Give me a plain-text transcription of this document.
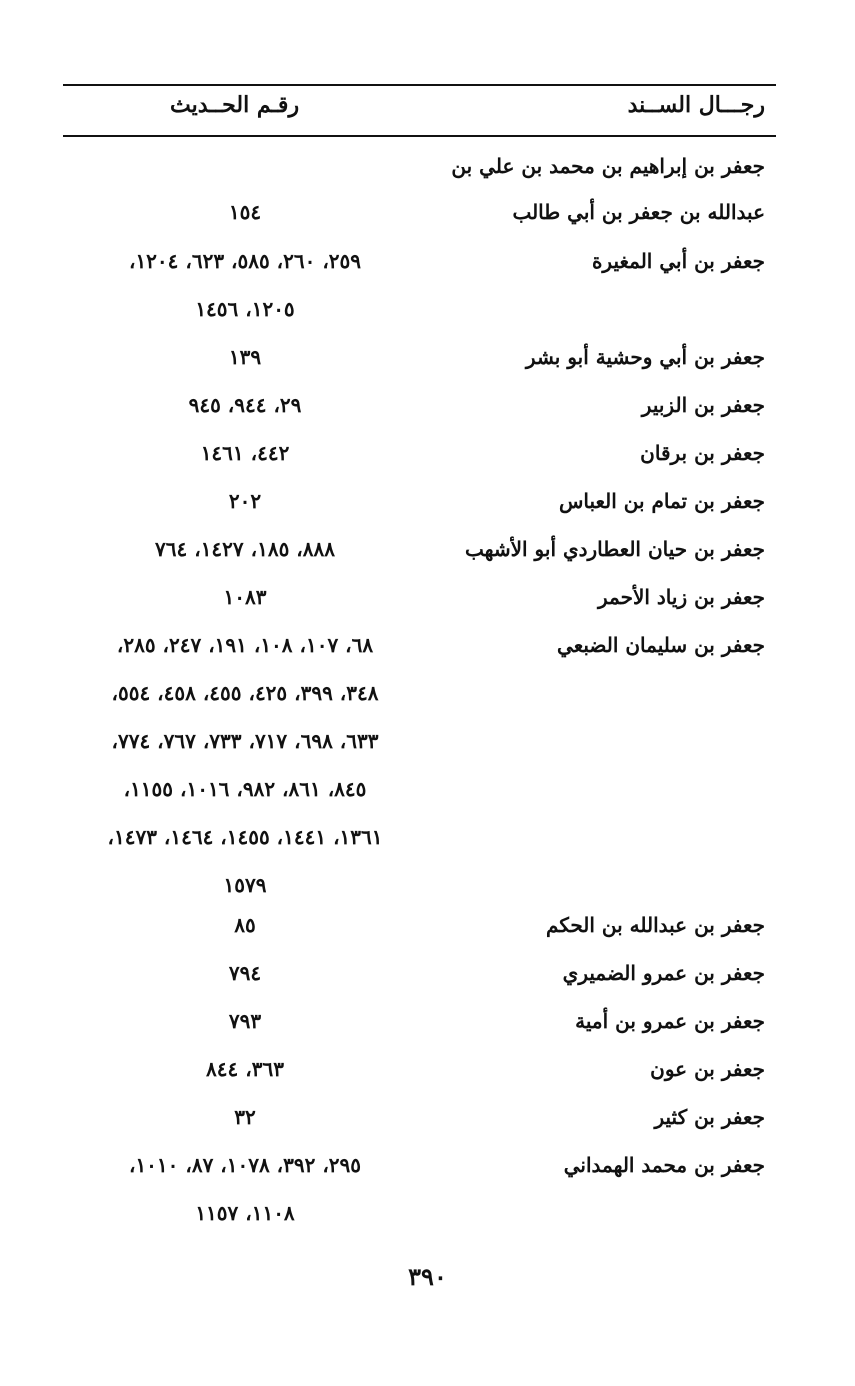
رجـــال الســند
رقـم الحــديث
جعفر بن إبراهيم بن محمد بن علي بن
عبدالله بن جعفر بن أبي طالب
١٥٤
جعفر بن أبي المغيرة
٢٥٩، ٢٦٠، ٥٨٥، ٦٢٣، ١٢٠٤،
١٢٠٥، ١٤٥٦
جعفر بن أبي وحشية أبو بشر
١٣٩
جعفر بن الزبير
٢٩، ٩٤٤، ٩٤٥
جعفر بن برقان
٤٤٢، ١٤٦١
جعفر بن تمام بن العباس
٢٠٢
جعفر بن حيان العطاردي أبو الأشهب
٨٨٨، ١٨٥، ١٤٢٧، ٧٦٤
جعفر بن زياد الأحمر
١٠٨٣
جعفر بن سليمان الضبعي
٦٨، ١٠٧، ١٠٨، ١٩١، ٢٤٧، ٢٨٥،
٣٤٨، ٣٩٩، ٤٢٥، ٤٥٥، ٤٥٨، ٥٥٤،
٦٣٣، ٦٩٨، ٧١٧، ٧٣٣، ٧٦٧، ٧٧٤،
٨٤٥، ٨٦١، ٩٨٢، ١٠١٦، ١١٥٥،
١٣٦١، ١٤٤١، ١٤٥٥، ١٤٦٤، ١٤٧٣،
١٥٧٩
جعفر بن عبدالله بن الحكم
٨٥
جعفر بن عمرو الضميري
٧٩٤
جعفر بن عمرو بن أمية
٧٩٣
جعفر بن عون
٣٦٣، ٨٤٤
جعفر بن كثير
٣٢
جعفر بن محمد الهمداني
٢٩٥، ٣٩٢، ١٠٧٨، ٨٧، ١٠١٠،
١١٠٨، ١١٥٧
٣٩٠
